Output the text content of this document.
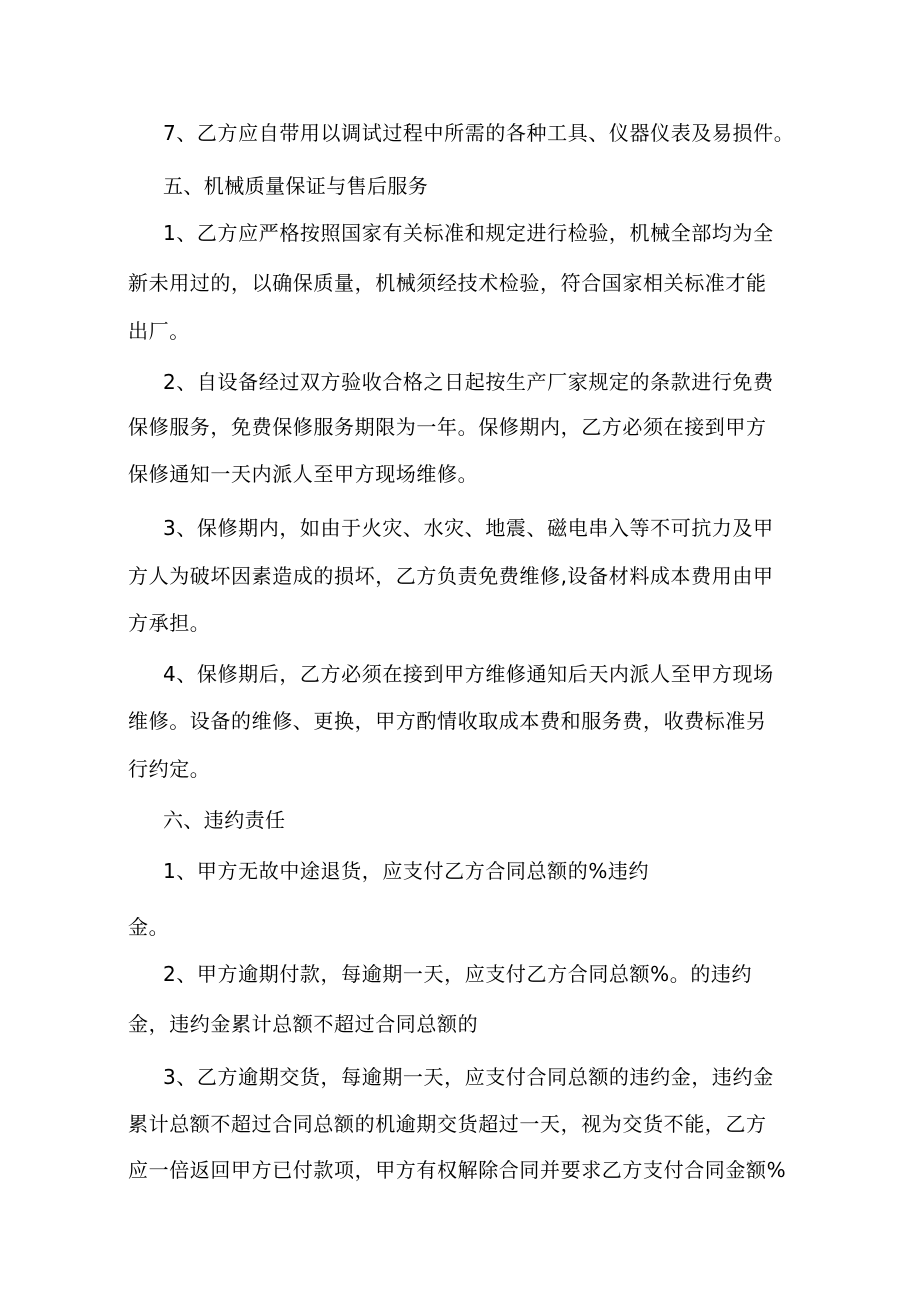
7、乙方应自带用以调试过程中所需的各种工具、仪器仪表及易损件。
五、机械质量保证与售后服务
1、乙方应严格按照国家有关标准和规定进行检验，机械全部均为全
新未用过的，以确保质量，机械须经技术检验，符合国家相关标准才能
出厂。
2、自设备经过双方验收合格之日起按生产厂家规定的条款进行免费
保修服务，免费保修服务期限为一年。保修期内，乙方必须在接到甲方
保修通知一天内派人至甲方现场维修。
3、保修期内，如由于火灾、水灾、地震、磁电串入等不可抗力及甲
方人为破坏因素造成的损坏，乙方负责免费维修,设备材料成本费用由甲
方承担。
4、保修期后，乙方必须在接到甲方维修通知后天内派人至甲方现场
维修。设备的维修、更换，甲方酌情收取成本费和服务费，收费标准另
行约定。
六、违约责任
1、甲方无故中途退货，应支付乙方合同总额的%违约
金。
2、甲方逾期付款，每逾期一天，应支付乙方合同总额%。的违约
金，违约金累计总额不超过合同总额的
3、乙方逾期交货，每逾期一天，应支付合同总额的违约金，违约金
累计总额不超过合同总额的机逾期交货超过一天，视为交货不能，乙方
应一倍返回甲方已付款项，甲方有权解除合同并要求乙方支付合同金额%
